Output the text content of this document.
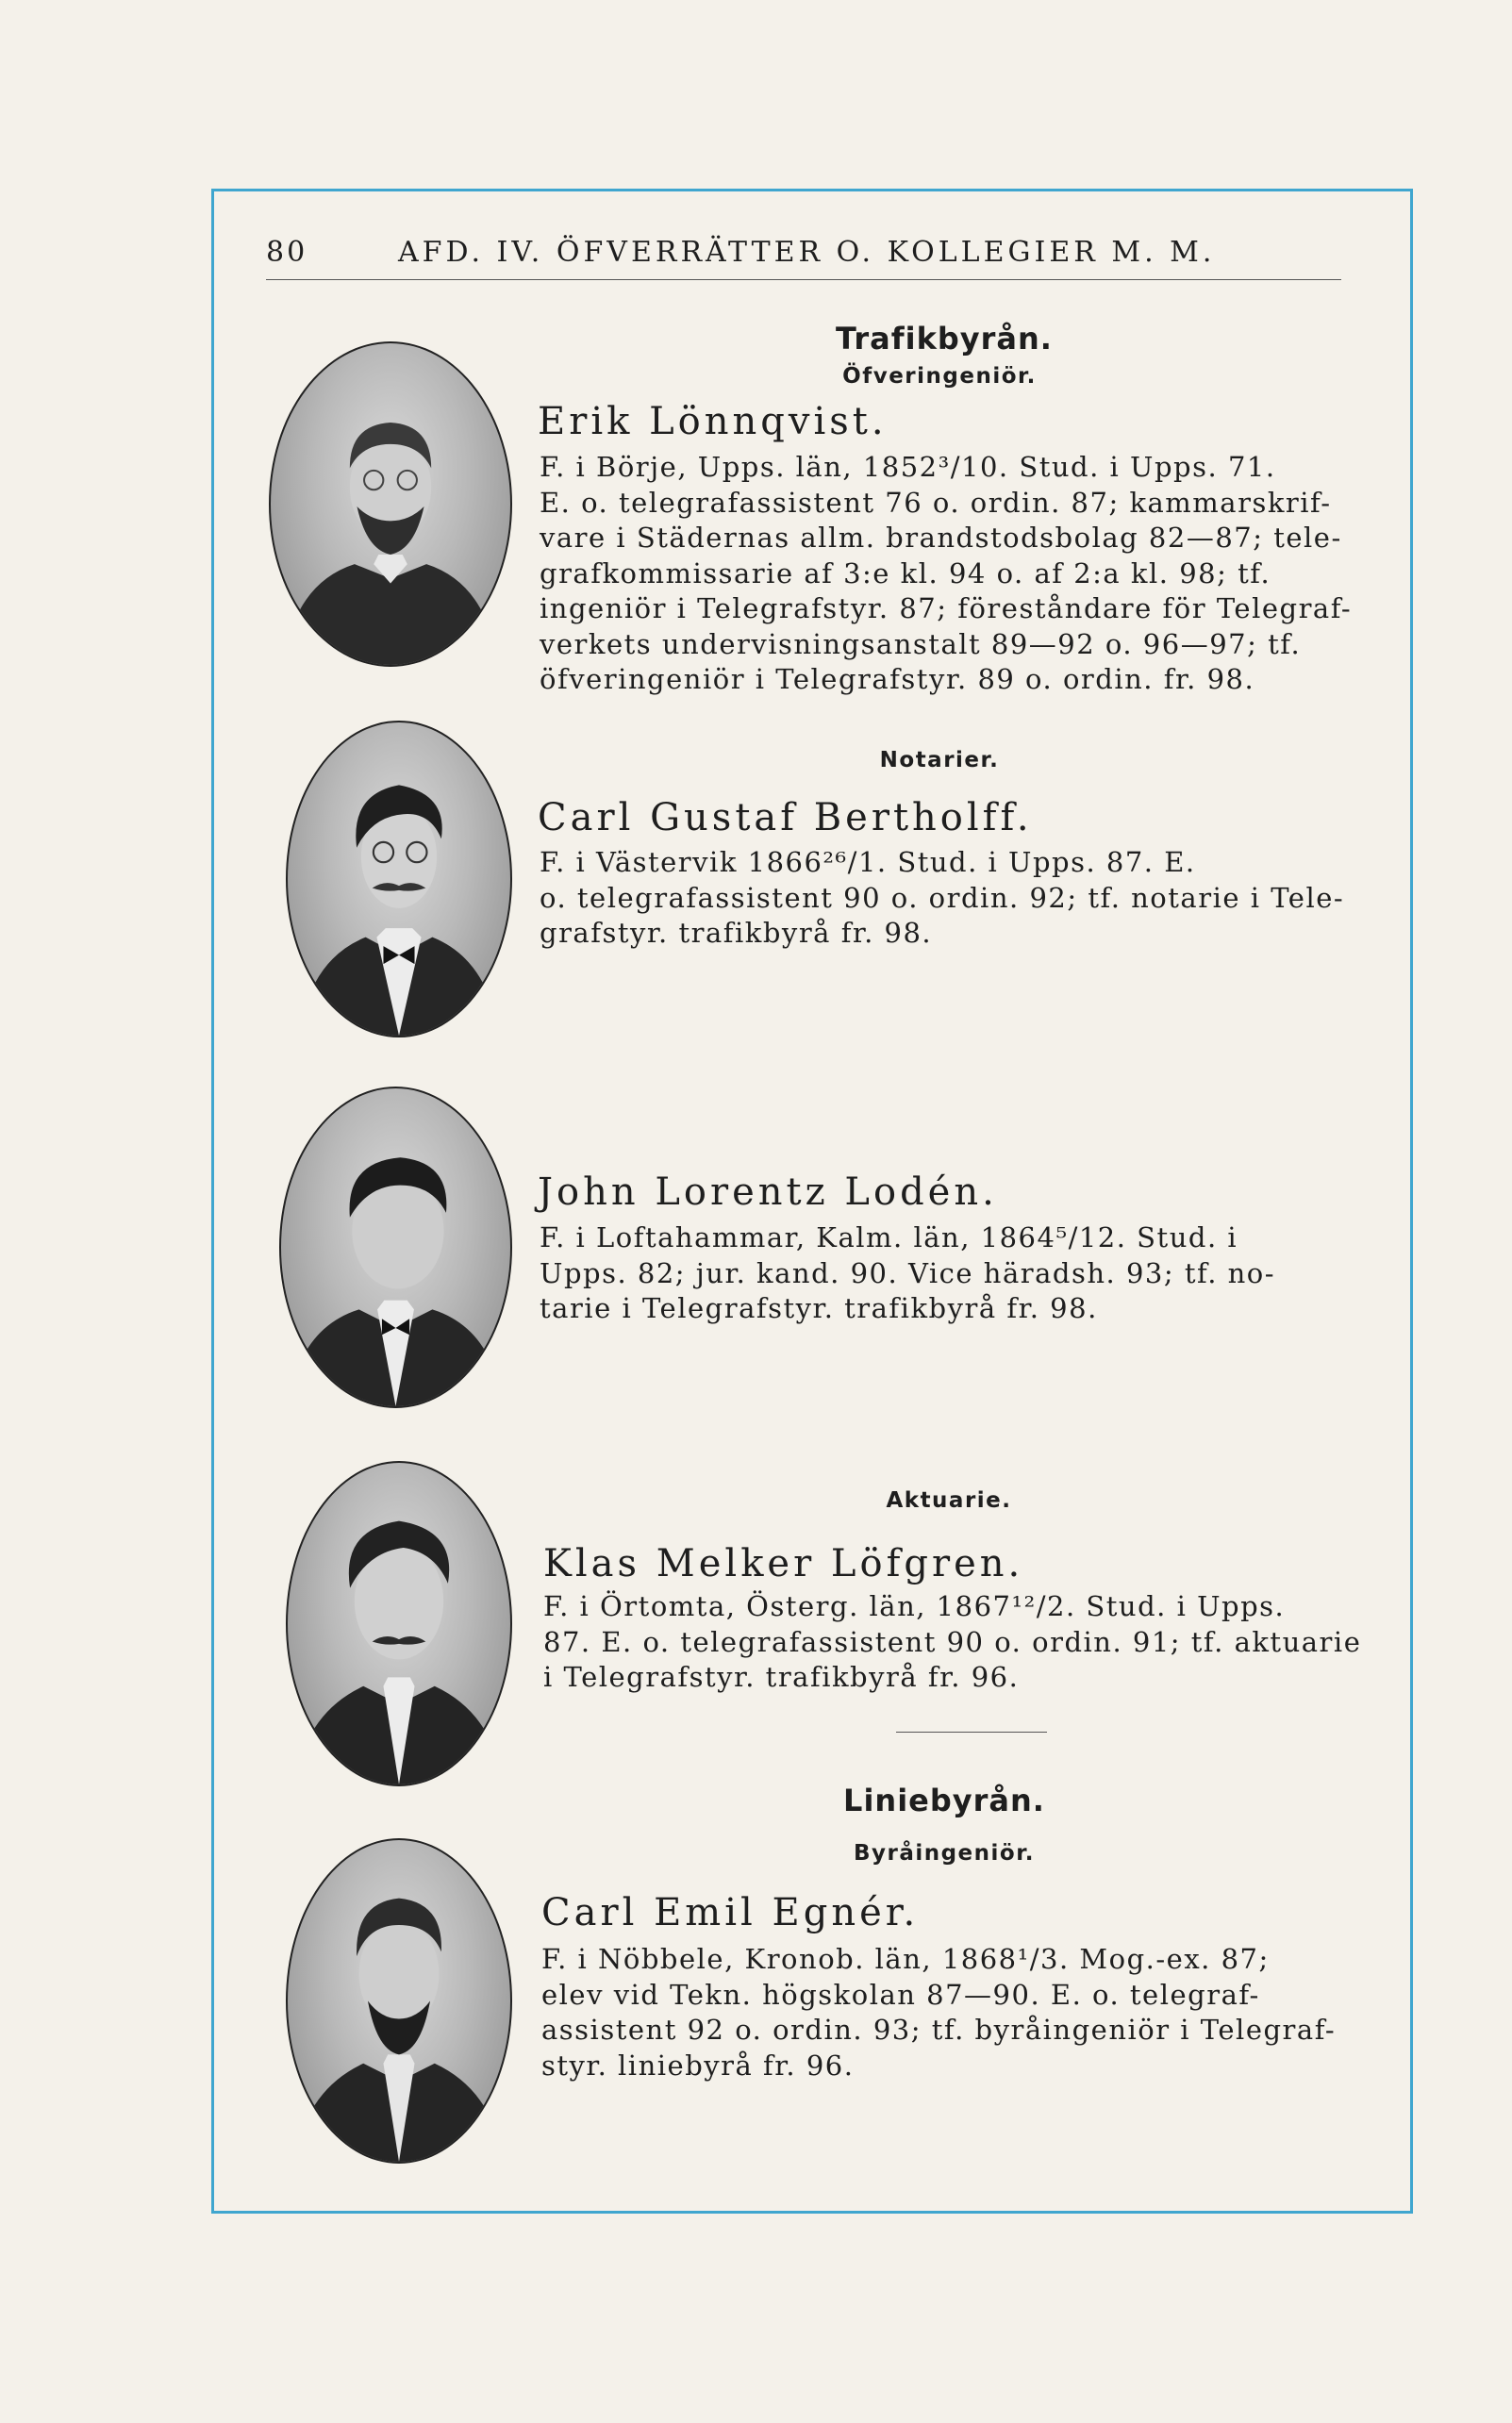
80	AFD. IV. ÖFVERRÄTTER O. KOLLEGIER M. M.
Trafikbyrån.
Öfveringeniör.
Erik Lönnqvist.

F. i Börje, Upps. län, 1852³/10. Stud. i Upps. 71.
E. o. telegrafassistent 76 o. ordin. 87; kammarskrif-
vare i Städernas allm. brandstodsbolag 82—87; tele-
grafkommissarie af 3:e kl. 94 o. af 2:a kl. 98; tf.
ingeniör i Telegrafstyr. 87; föreståndare för Telegraf-
verkets undervisningsanstalt 89—92 o. 96—97; tf.
öfveringeniör i Telegrafstyr. 89 o. ordin. fr. 98.

Notarier.
Carl Gustaf Bertholff.

F. i Västervik 1866²⁶/1. Stud. i Upps. 87. E.
o. telegrafassistent 90 o. ordin. 92; tf. notarie i Tele-
grafstyr. trafikbyrå fr. 98.

John Lorentz Lodén.

F. i Loftahammar, Kalm. län, 1864⁵/12. Stud. i
Upps. 82; jur. kand. 90. Vice häradsh. 93; tf. no-
tarie i Telegrafstyr. trafikbyrå fr. 98.

Aktuarie.
Klas Melker Löfgren.

F. i Örtomta, Österg. län, 1867¹²/2. Stud. i Upps.
87. E. o. telegrafassistent 90 o. ordin. 91; tf. aktuarie
i Telegrafstyr. trafikbyrå fr. 96.

Liniebyrån.
Byråingeniör.
Carl Emil Egnér.

F. i Nöbbele, Kronob. län, 1868¹/3. Mog.-ex. 87;
elev vid Tekn. högskolan 87—90. E. o. telegraf-
assistent 92 o. ordin. 93; tf. byråingeniör i Telegraf-
styr. liniebyrå fr. 96.
